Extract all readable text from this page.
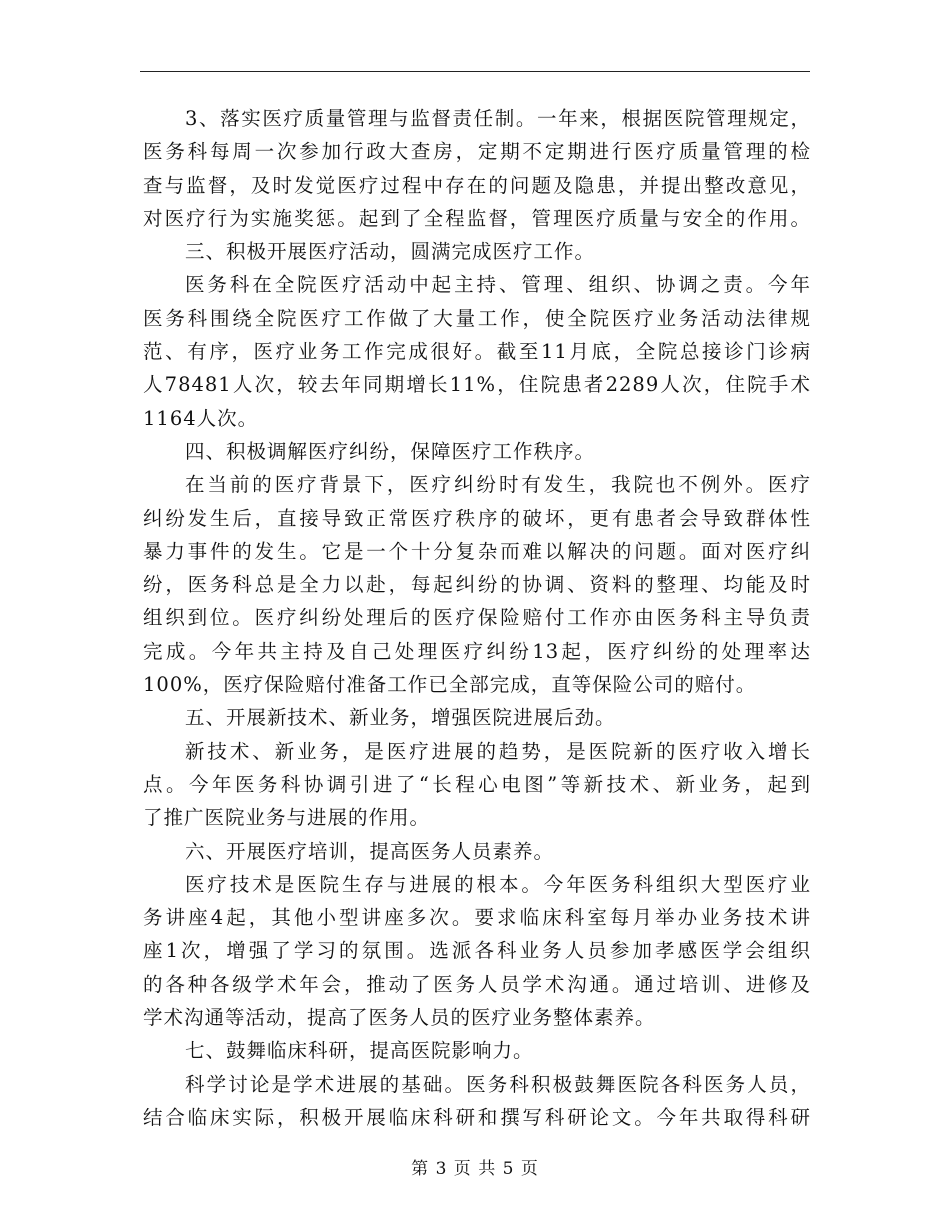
3、落实医疗质量管理与监督责任制。一年来，根据医院管理规定，
医务科每周一次参加行政大查房，定期不定期进行医疗质量管理的检
查与监督，及时发觉医疗过程中存在的问题及隐患，并提出整改意见，
对医疗行为实施奖惩。起到了全程监督，管理医疗质量与安全的作用。
三、积极开展医疗活动，圆满完成医疗工作。
医务科在全院医疗活动中起主持、管理、组织、协调之责。今年
医务科围绕全院医疗工作做了大量工作，使全院医疗业务活动法律规
范、有序，医疗业务工作完成很好。截至11月底，全院总接诊门诊病
人78481人次，较去年同期增长11%，住院患者2289人次，住院手术
1164人次。
四、积极调解医疗纠纷，保障医疗工作秩序。
在当前的医疗背景下，医疗纠纷时有发生，我院也不例外。医疗
纠纷发生后，直接导致正常医疗秩序的破坏，更有患者会导致群体性
暴力事件的发生。它是一个十分复杂而难以解决的问题。面对医疗纠
纷，医务科总是全力以赴，每起纠纷的协调、资料的整理、均能及时
组织到位。医疗纠纷处理后的医疗保险赔付工作亦由医务科主导负责
完成。今年共主持及自己处理医疗纠纷13起，医疗纠纷的处理率达
100%，医疗保险赔付准备工作已全部完成，直等保险公司的赔付。
五、开展新技术、新业务，增强医院进展后劲。
新技术、新业务，是医疗进展的趋势，是医院新的医疗收入增长
点。今年医务科协调引进了“长程心电图”等新技术、新业务，起到
了推广医院业务与进展的作用。
六、开展医疗培训，提高医务人员素养。
医疗技术是医院生存与进展的根本。今年医务科组织大型医疗业
务讲座4起，其他小型讲座多次。要求临床科室每月举办业务技术讲
座1次，增强了学习的氛围。选派各科业务人员参加孝感医学会组织
的各种各级学术年会，推动了医务人员学术沟通。通过培训、进修及
学术沟通等活动，提高了医务人员的医疗业务整体素养。
七、鼓舞临床科研，提高医院影响力。
科学讨论是学术进展的基础。医务科积极鼓舞医院各科医务人员，
结合临床实际，积极开展临床科研和撰写科研论文。今年共取得科研
第 3 页 共 5 页
